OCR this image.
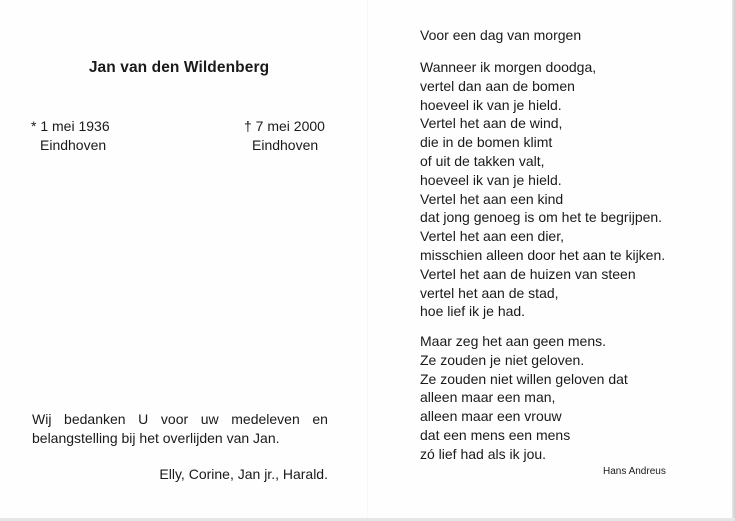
Jan van den Wildenberg
* 1 mei 1936
Eindhoven
† 7 mei 2000
Eindhoven
Wij bedanken U voor uw medeleven en
belangstelling bij het overlijden van Jan.
Elly, Corine, Jan jr., Harald.
Voor een dag van morgen
Wanneer ik morgen doodga,
vertel dan aan de bomen
hoeveel ik van je hield.
Vertel het aan de wind,
die in de bomen klimt
of uit de takken valt,
hoeveel ik van je hield.
Vertel het aan een kind
dat jong genoeg is om het te begrijpen.
Vertel het aan een dier,
misschien alleen door het aan te kijken.
Vertel het aan de huizen van steen
vertel het aan de stad,
hoe lief ik je had.
Maar zeg het aan geen mens.
Ze zouden je niet geloven.
Ze zouden niet willen geloven dat
alleen maar een man,
alleen maar een vrouw
dat een mens een mens
zó lief had als ik jou.
Hans Andreus
